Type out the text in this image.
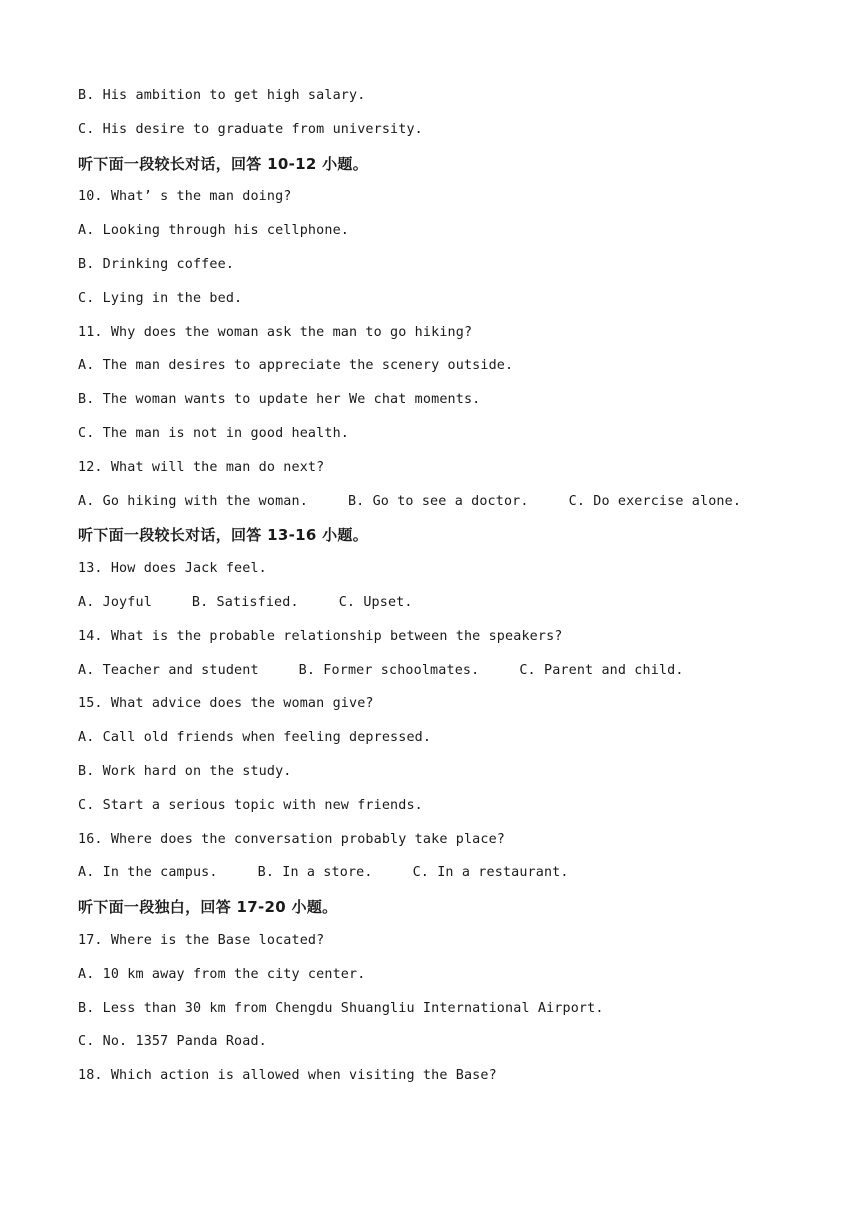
B. His ambition to get high salary.
C. His desire to graduate from university.
听下面一段较长对话，回答 10-12 小题。
10. What’ s the man doing?
A. Looking through his cellphone.
B. Drinking coffee.
C. Lying in the bed.
11. Why does the woman ask the man to go hiking?
A. The man desires to appreciate the scenery outside.
B. The woman wants to update her We chat moments.
C. The man is not in good health.
12. What will the man do next?
A. Go hiking with the woman.	B. Go to see a doctor.	C. Do exercise alone.
听下面一段较长对话，回答 13-16 小题。
13. How does Jack feel.
A. Joyful	B. Satisfied.	C. Upset.
14. What is the probable relationship between the speakers?
A. Teacher and student	B. Former schoolmates.	C. Parent and child.
15. What advice does the woman give?
A. Call old friends when feeling depressed.
B. Work hard on the study.
C. Start a serious topic with new friends.
16. Where does the conversation probably take place?
A. In the campus.	B. In a store.	C. In a restaurant.
听下面一段独白，回答 17-20 小题。
17. Where is the Base located?
A. 10 km away from the city center.
B. Less than 30 km from Chengdu Shuangliu International Airport.
C. No. 1357 Panda Road.
18. Which action is allowed when visiting the Base?
